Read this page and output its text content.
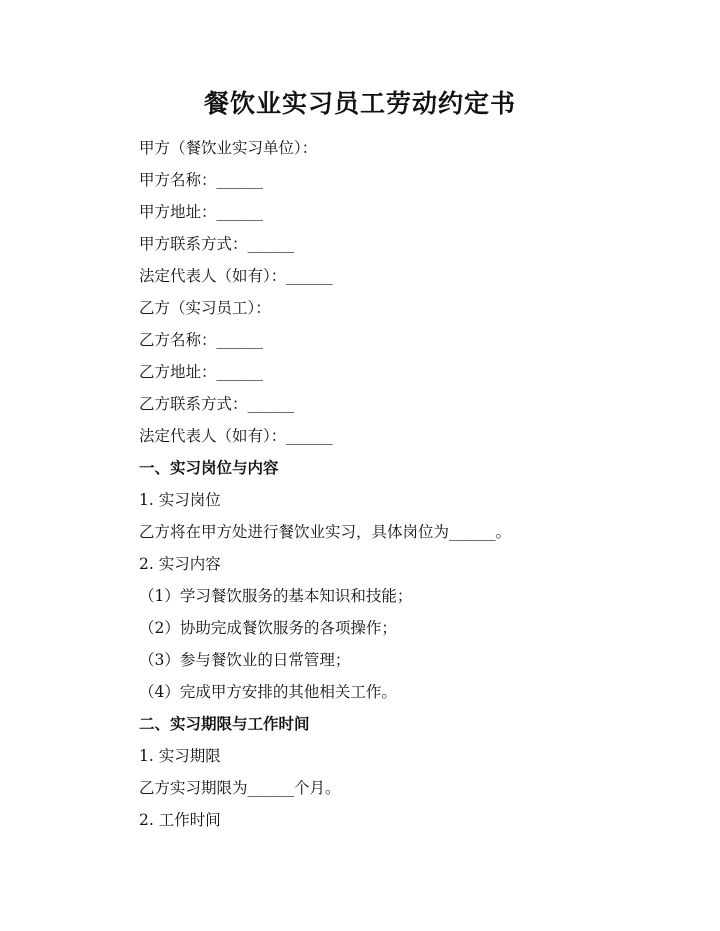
餐饮业实习员工劳动约定书
甲方（餐饮业实习单位）：
甲方名称：______
甲方地址：______
甲方联系方式：______
法定代表人（如有）：______
乙方（实习员工）：
乙方名称：______
乙方地址：______
乙方联系方式：______
法定代表人（如有）：______
一、实习岗位与内容
1. 实习岗位
乙方将在甲方处进行餐饮业实习，具体岗位为______。
2. 实习内容
（1）学习餐饮服务的基本知识和技能；
（2）协助完成餐饮服务的各项操作；
（3）参与餐饮业的日常管理；
（4）完成甲方安排的其他相关工作。
二、实习期限与工作时间
1. 实习期限
乙方实习期限为______个月。
2. 工作时间
